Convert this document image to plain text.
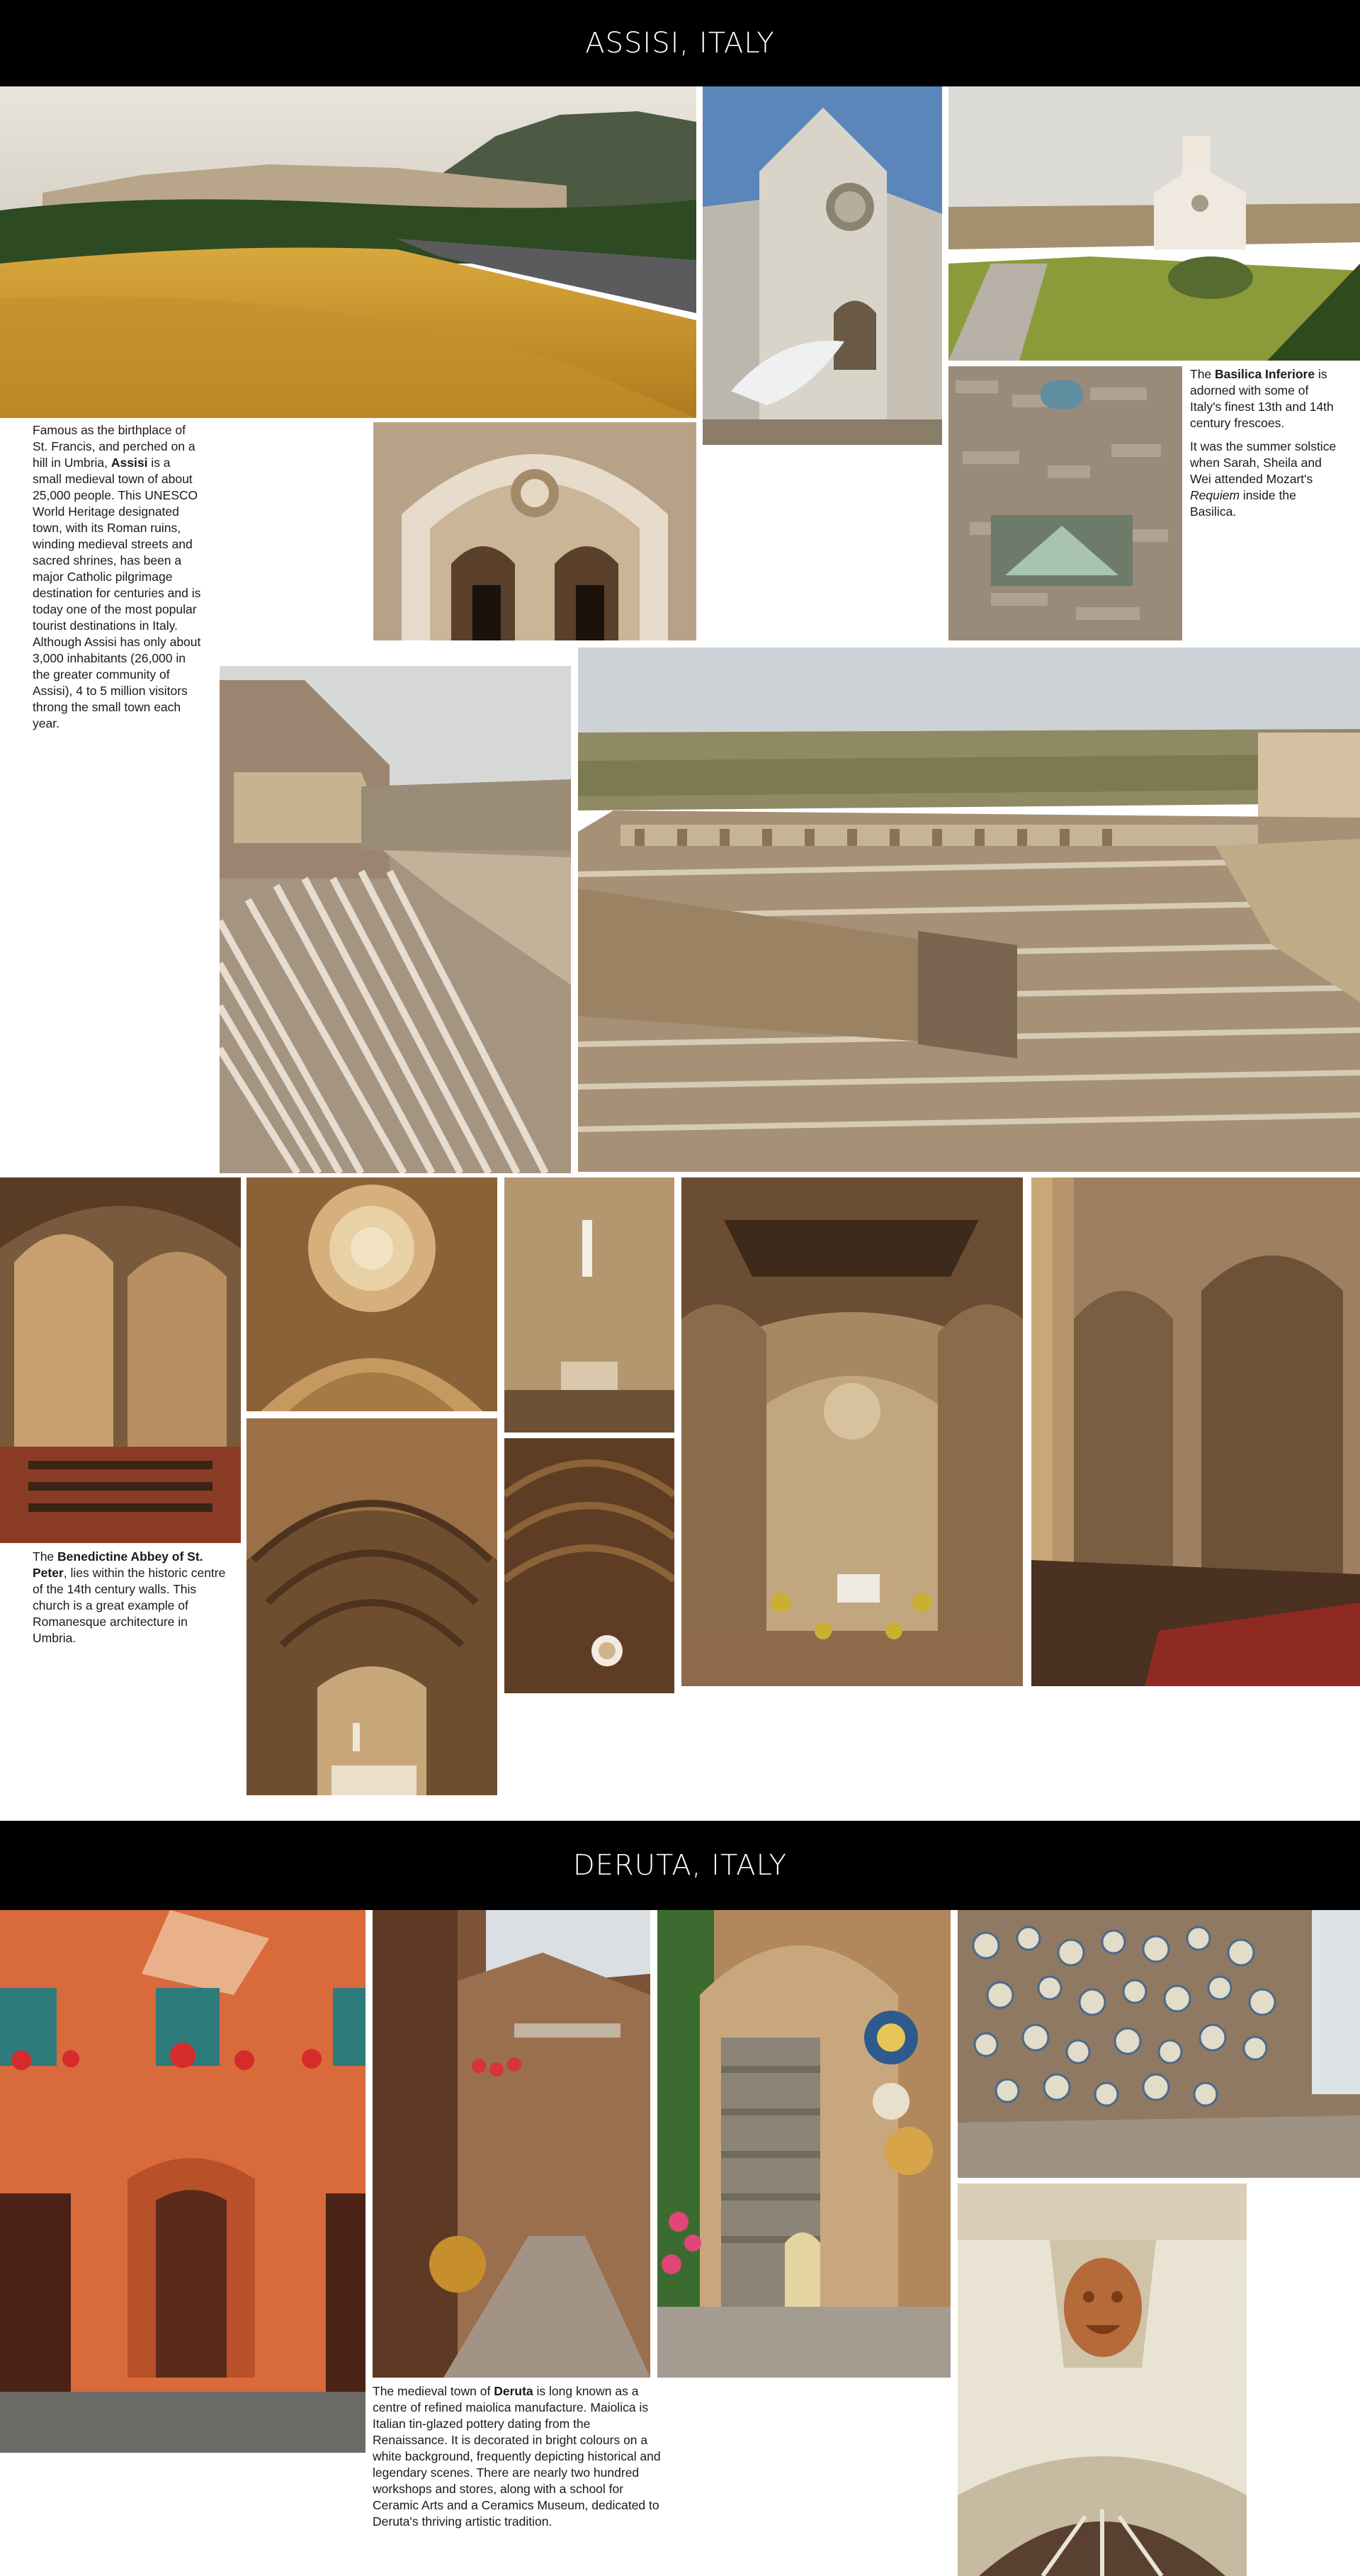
ASSISI, ITALY
Famous as the birthplace of St. Francis, and perched on a hill in Umbria, Assisi is a small medieval town of about 25,000 people. This UNESCO World Heritage designated town, with its Roman ruins, winding medieval streets and sacred shrines, has been a major Catholic pilgrimage destination for centuries and is today one of the most popular tourist destinations in Italy. Although Assisi has only about 3,000 inhabitants (26,000 in the greater community of Assisi), 4 to 5 million visitors throng the small town each year.

The Basilica Inferiore is adorned with some of Italy's finest 13th and 14th century frescoes.

It was the summer solstice when Sarah, Sheila and Wei attended Mozart's Requiem inside the Basilica.

The Benedictine Abbey of St. Peter, lies within the historic centre of the 14th century walls. This church is a great example of Romanesque architecture in Umbria.
DERUTA, ITALY
The medieval town of Deruta is long known as a centre of refined maiolica manufacture. Maiolica is Italian tin-glazed pottery dating from the Renaissance. It is decorated in bright colours on a white background, frequently depicting historical and legendary scenes. There are nearly two hundred workshops and stores, along with a school for Ceramic Arts and a Ceramics Museum, dedicated to Deruta's thriving artistic tradition.
